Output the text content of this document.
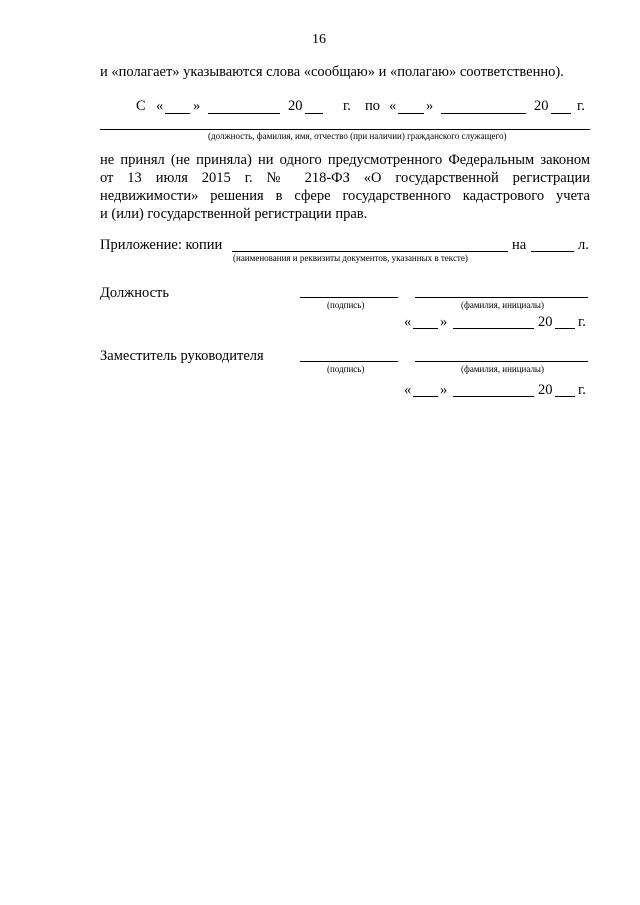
16
и «полагает» указываются слова «сообщаю» и «полагаю» соответственно).
С « »	20	г. по « »	20 г.
(должность, фамилия, имя, отчество (при наличии) гражданского служащего)
не принял (не приняла) ни одного предусмотренного Федеральным законом
от 13 июля 2015 г. № 218-ФЗ «О государственной регистрации
недвижимости» решения в сфере государственного кадастрового учета
и (или) государственной регистрации прав.
Приложение: копии	на	л.
(наименования и реквизиты документов, указанных в тексте)
Должность
(подпись)	(фамилия, инициалы)
« »	20 г.
Заместитель руководителя
(подпись)	(фамилия, инициалы)
« »	20 г.
